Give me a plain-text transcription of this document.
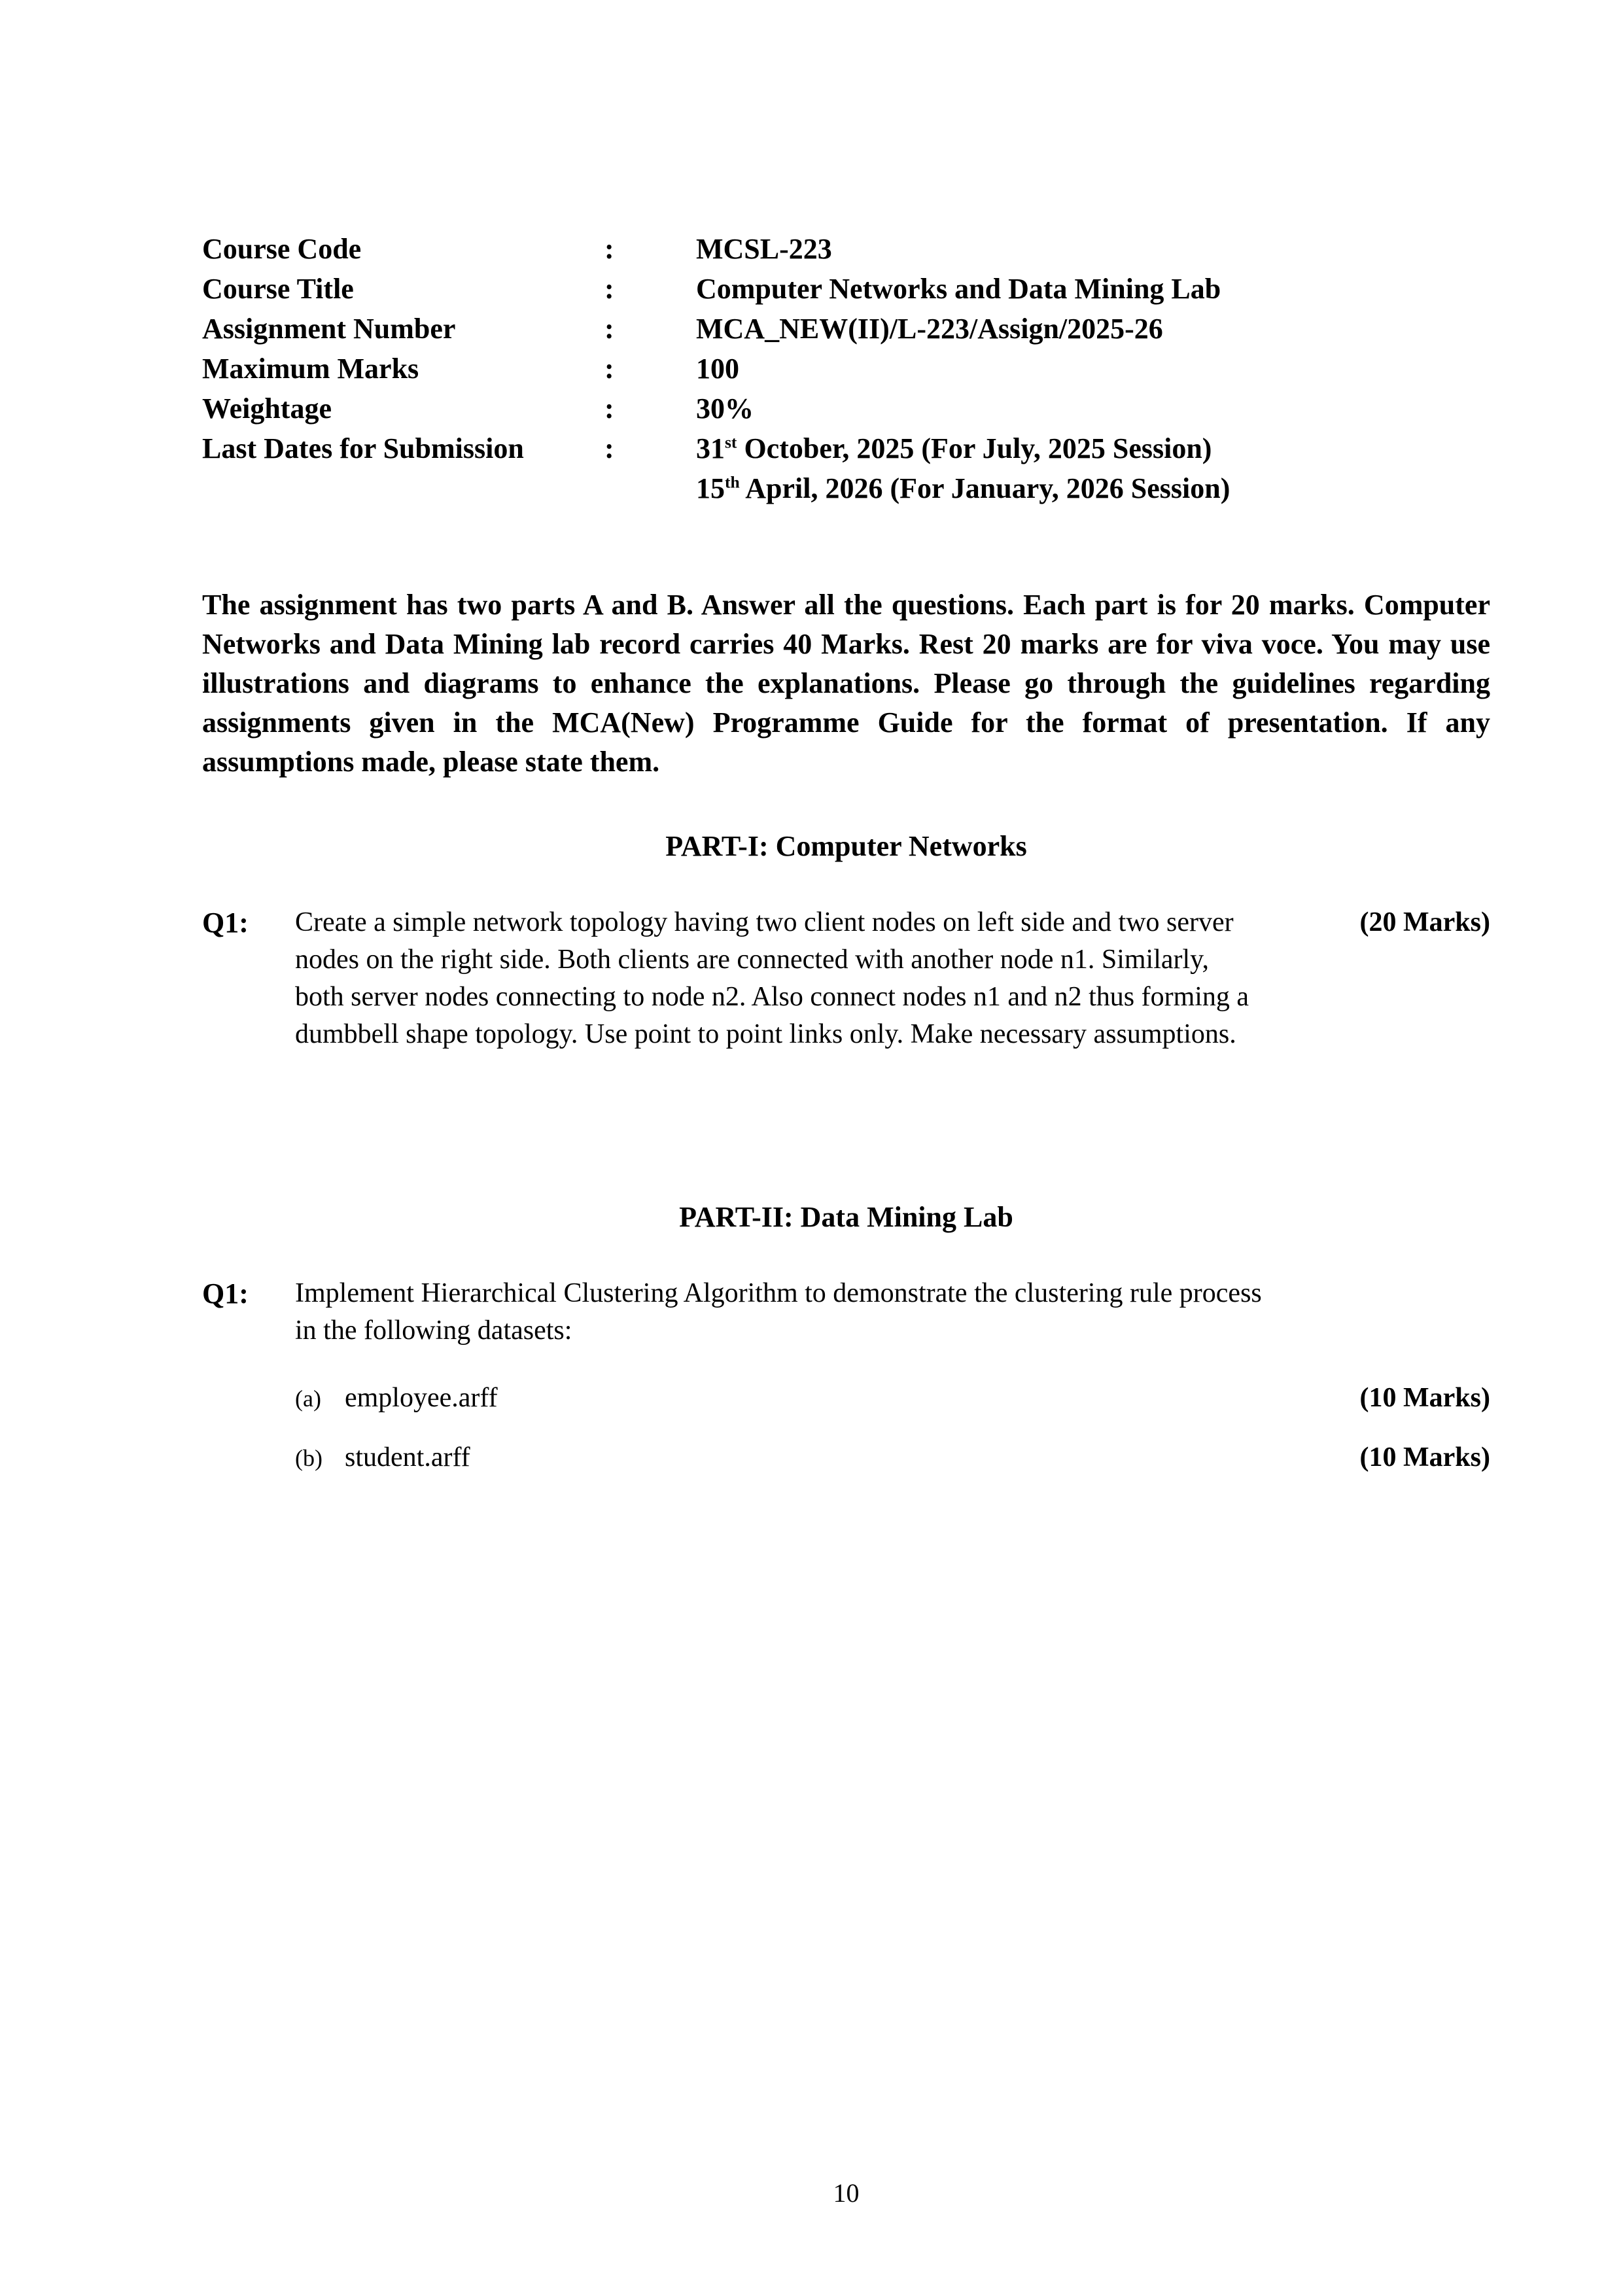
Course Code	:	MCSL-223
Course Title	:	Computer Networks and Data Mining Lab
Assignment Number	:	MCA_NEW(II)/L-223/Assign/2025-26
Maximum Marks	:	100
Weightage	:	30%
Last Dates for Submission	:	31st October, 2025 (For July, 2025 Session)
15th April, 2026 (For January, 2026 Session)

The assignment has two parts A and B. Answer all the questions. Each part is for 20 marks. Computer Networks and Data Mining lab record carries 40 Marks. Rest 20 marks are for viva voce. You may use illustrations and diagrams to enhance the explanations. Please go through the guidelines regarding assignments given in the MCA(New) Programme Guide for the format of presentation. If any assumptions made, please state them.

PART-I: Computer Networks
Q1:	Create a simple network topology having two client nodes on left side and two server nodes on the right side. Both clients are connected with another node n1. Similarly, both server nodes connecting to node n2. Also connect nodes n1 and n2 thus forming a dumbbell shape topology. Use point to point links only. Make necessary assumptions.
(20 Marks)
PART-II: Data Mining Lab
Q1:	Implement Hierarchical Clustering Algorithm to demonstrate the clustering rule process in the following datasets:
(a) employee.arff	(10 Marks)
(b) student.arff	(10 Marks)
10
